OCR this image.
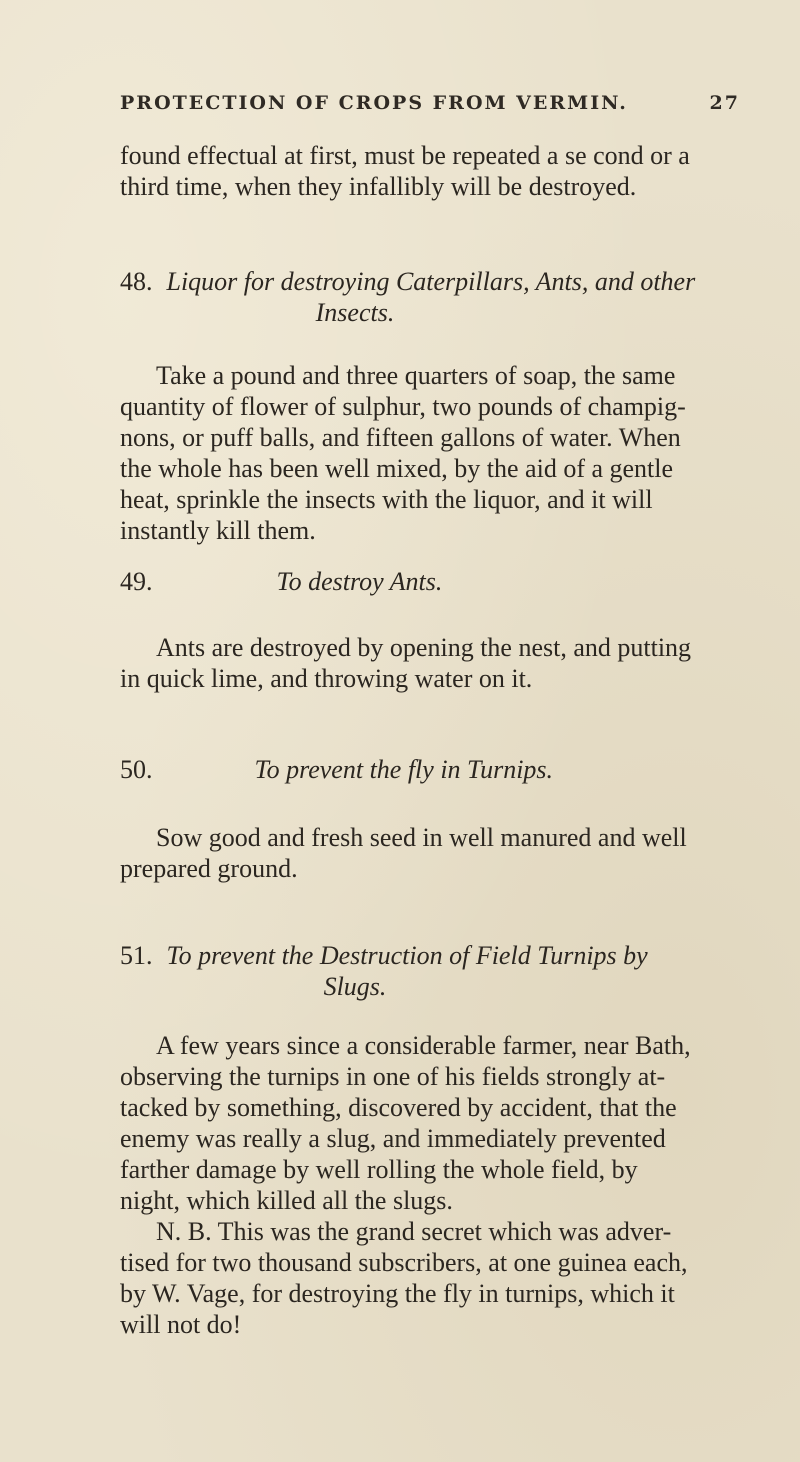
PROTECTION OF CROPS FROM VERMIN.	27
found effectual at first, must be repeated a se cond or a
third time, when they infallibly will be destroyed.
48. Liquor for destroying Caterpillars, Ants, and other
Insects.
Take a pound and three quarters of soap, the same
quantity of flower of sulphur, two pounds of champig-
nons, or puff balls, and fifteen gallons of water. When
the whole has been well mixed, by the aid of a gentle
heat, sprinkle the insects with the liquor, and it will
instantly kill them.
49.	To destroy Ants.
Ants are destroyed by opening the nest, and putting
in quick lime, and throwing water on it.
50.	To prevent the fly in Turnips.
Sow good and fresh seed in well manured and well
prepared ground.
51. To prevent the Destruction of Field Turnips by
Slugs.
A few years since a considerable farmer, near Bath,
observing the turnips in one of his fields strongly at-
tacked by something, discovered by accident, that the
enemy was really a slug, and immediately prevented
farther damage by well rolling the whole field, by
night, which killed all the slugs.
N. B. This was the grand secret which was adver-
tised for two thousand subscribers, at one guinea each,
by W. Vage, for destroying the fly in turnips, which it
will not do!
